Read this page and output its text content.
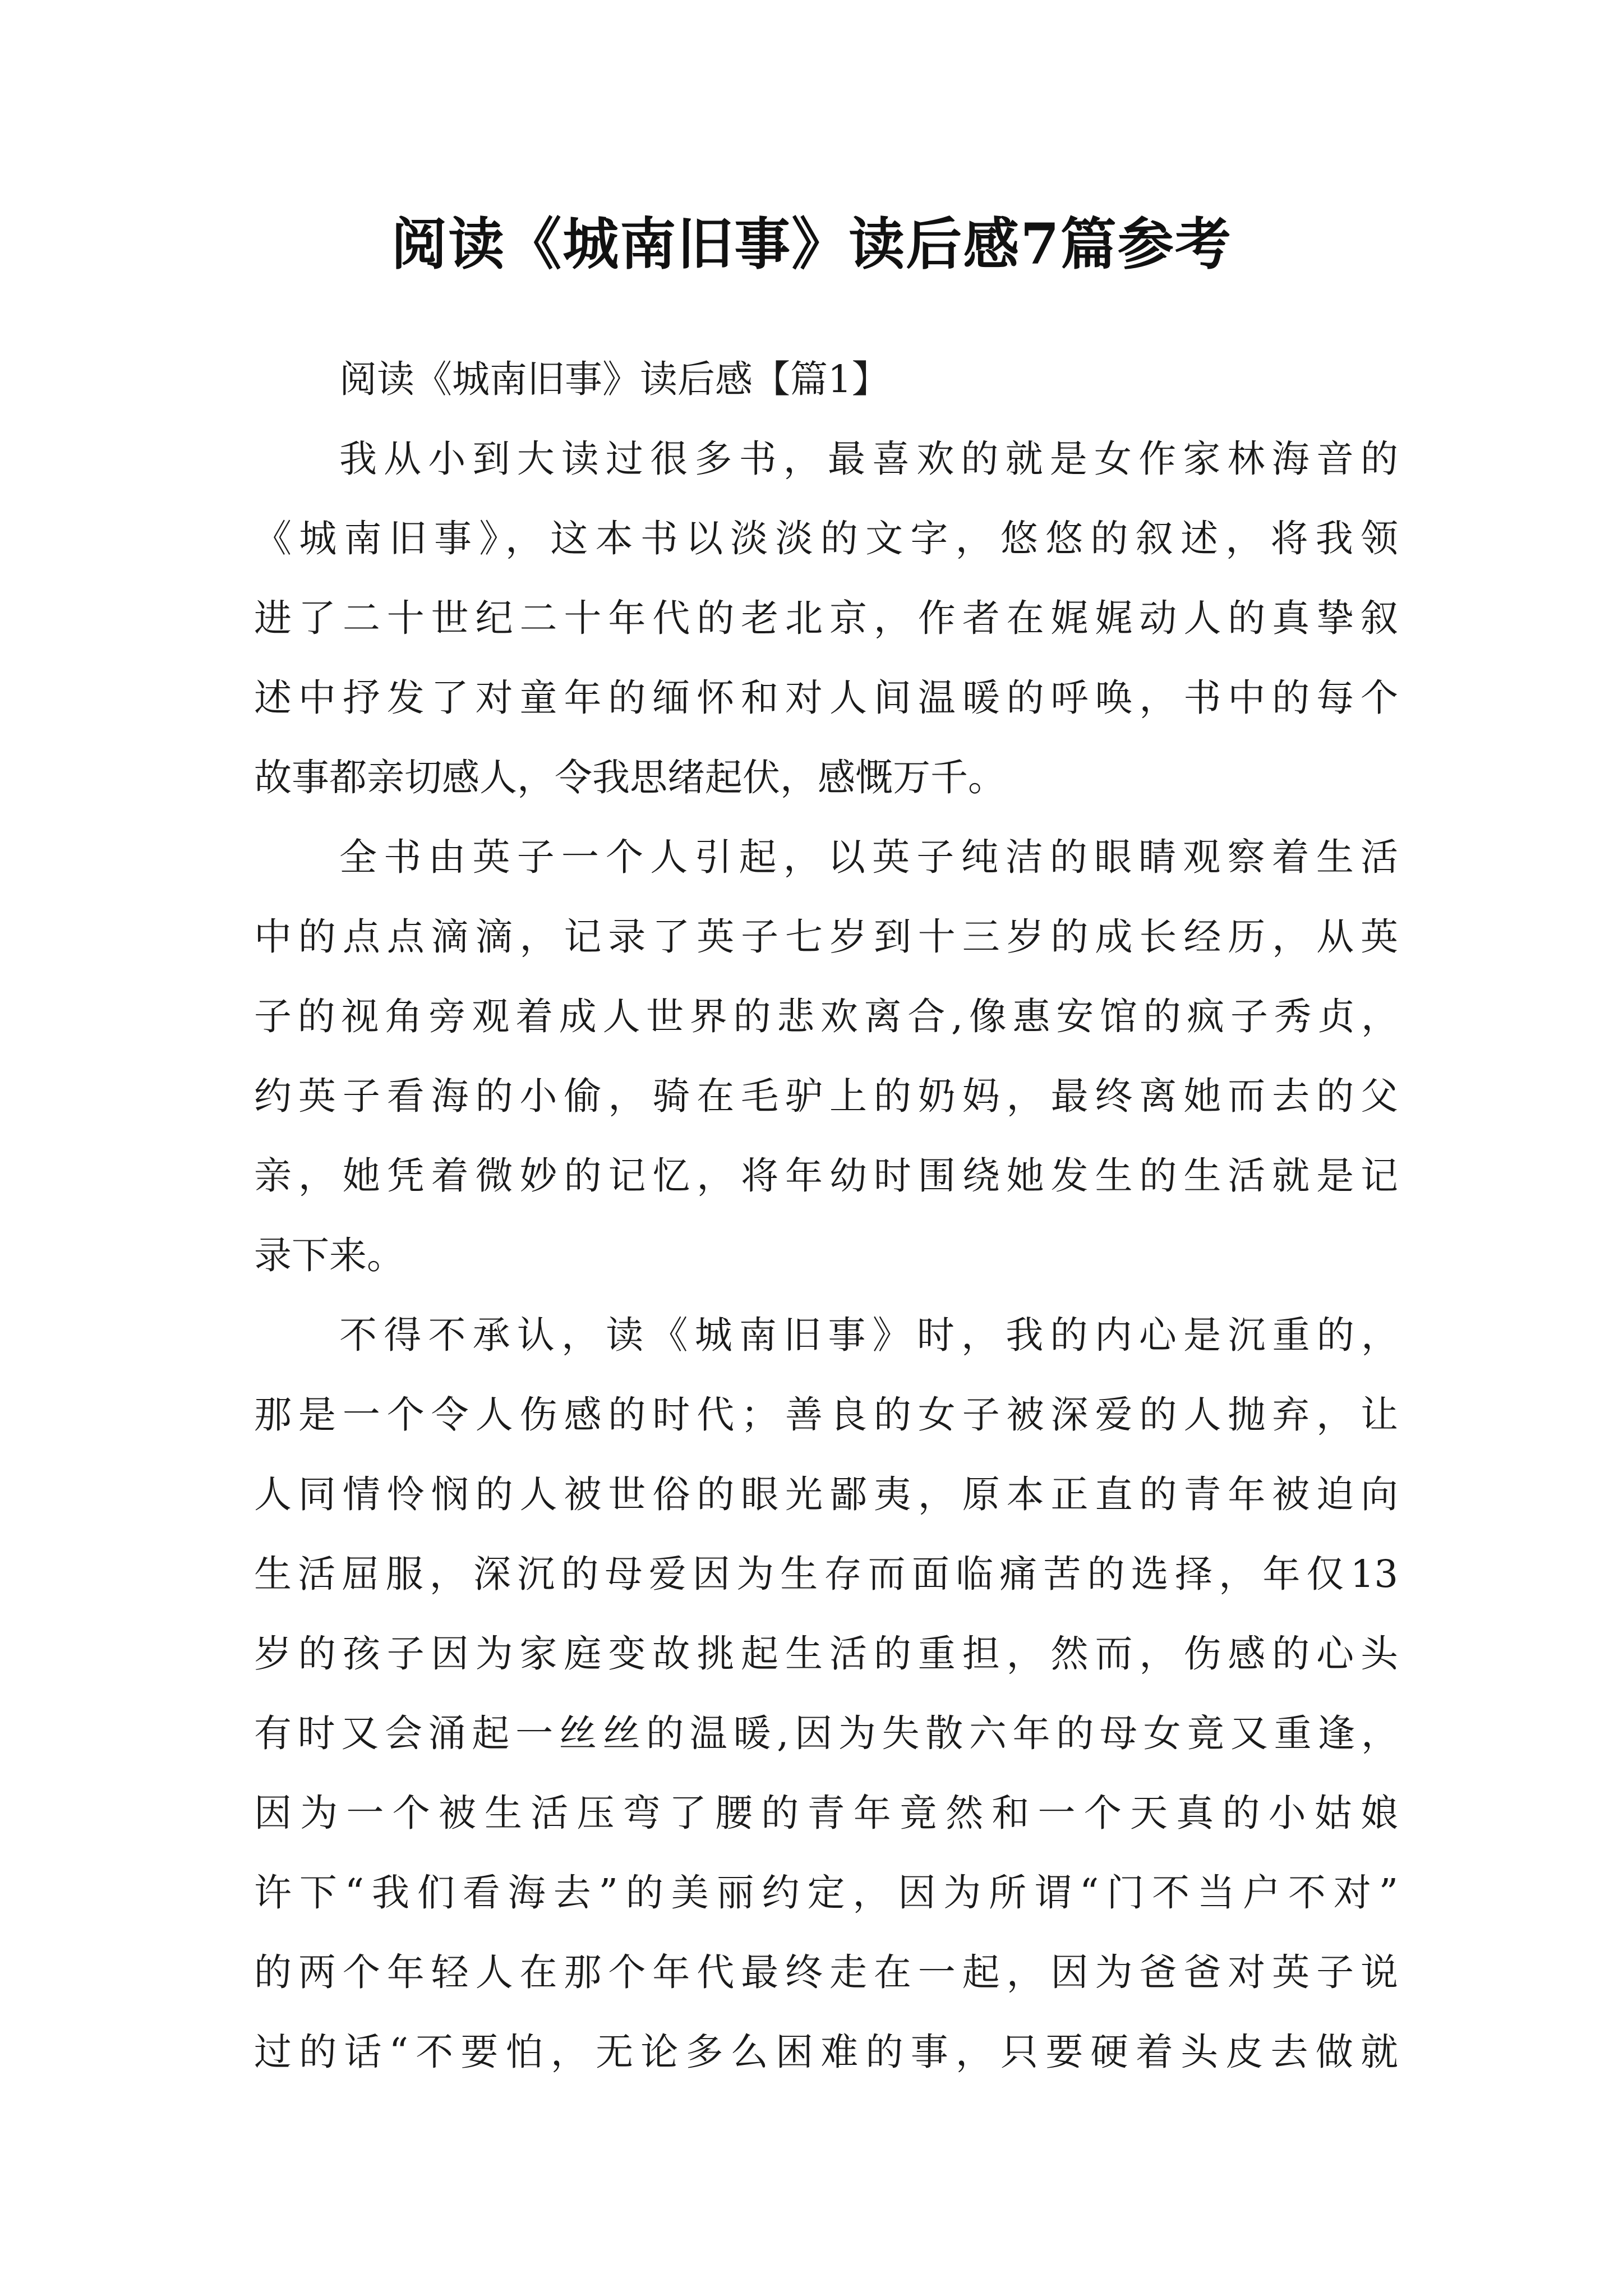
阅读《城南旧事》读后感7篇参考

阅读《城南旧事》读后感【篇1】

我从小到大读过很多书，最喜欢的就是女作家林海音的
《城南旧事》，这本书以淡淡的文字，悠悠的叙述，将我领
进了二十世纪二十年代的老北京，作者在娓娓动人的真挚叙
述中抒发了对童年的缅怀和对人间温暖的呼唤，书中的每个
故事都亲切感人，令我思绪起伏，感慨万千。

全书由英子一个人引起，以英子纯洁的眼睛观察着生活
中的点点滴滴，记录了英子七岁到十三岁的成长经历，从英
子的视角旁观着成人世界的悲欢离合,像惠安馆的疯子秀贞，
约英子看海的小偷，骑在毛驴上的奶妈，最终离她而去的父
亲，她凭着微妙的记忆，将年幼时围绕她发生的生活就是记
录下来。

不得不承认，读《城南旧事》时，我的内心是沉重的，
那是一个令人伤感的时代；善良的女子被深爱的人抛弃，让
人同情怜悯的人被世俗的眼光鄙夷，原本正直的青年被迫向
生活屈服，深沉的母爱因为生存而面临痛苦的选择，年仅13
岁的孩子因为家庭变故挑起生活的重担，然而，伤感的心头
有时又会涌起一丝丝的温暖,因为失散六年的母女竟又重逢，
因为一个被生活压弯了腰的青年竟然和一个天真的小姑娘
许下“我们看海去”的美丽约定，因为所谓“门不当户不对”
的两个年轻人在那个年代最终走在一起，因为爸爸对英子说
过的话“不要怕，无论多么困难的事，只要硬着头皮去做就
